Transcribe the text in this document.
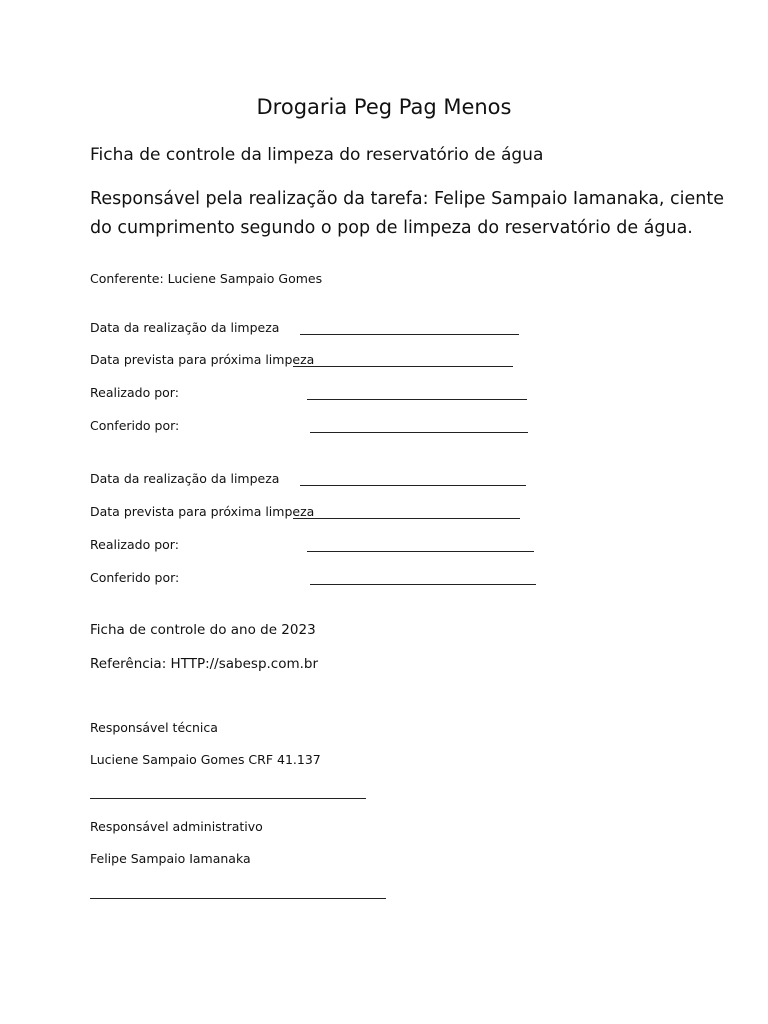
Drogaria Peg Pag Menos
Ficha de controle da limpeza do reservatório de água
Responsável pela realização da tarefa: Felipe Sampaio Iamanaka, ciente
do cumprimento segundo o pop de limpeza do reservatório de água.
Conferente: Luciene Sampaio Gomes
Data da realização da limpeza
Data prevista para próxima limpeza
Realizado por:
Conferido por:
Data da realização da limpeza
Data prevista para próxima limpeza
Realizado por:
Conferido por:
Ficha de controle do ano de 2023
Referência: HTTP://sabesp.com.br
Responsável técnica
Luciene Sampaio Gomes CRF 41.137
Responsável administrativo
Felipe Sampaio Iamanaka
